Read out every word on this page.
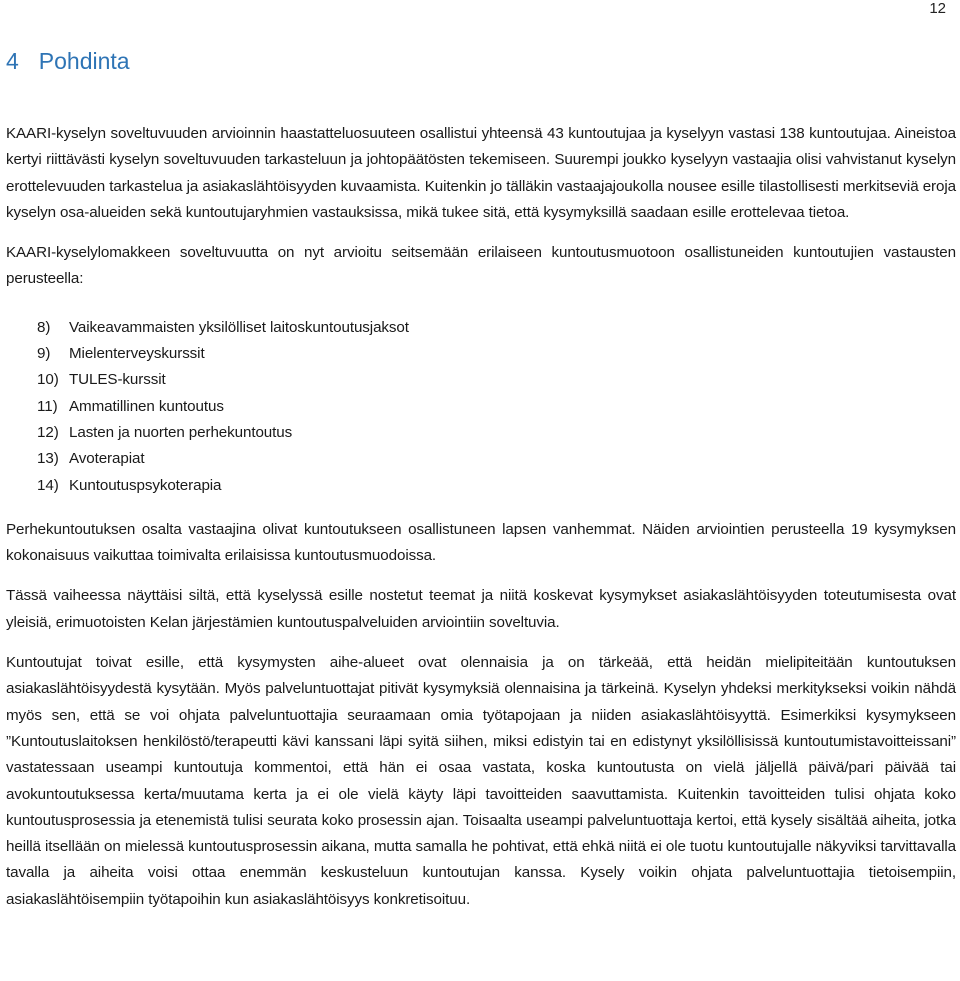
12
4 Pohdinta

KAARI-kyselyn soveltuvuuden arvioinnin haastatteluosuuteen osallistui yhteensä 43 kuntoutujaa ja kyselyyn vastasi 138 kuntoutujaa. Aineistoa kertyi riittävästi kyselyn soveltuvuuden tarkasteluun ja johtopäätösten tekemiseen. Suurempi joukko kyselyyn vastaajia olisi vahvistanut kyselyn erottelevuuden tarkastelua ja asiakaslähtöisyyden kuvaamista. Kuitenkin jo tälläkin vastaajajoukolla nousee esille tilastollisesti merkitseviä eroja kyselyn osa-alueiden sekä kuntoutujaryhmien vastauksissa, mikä tukee sitä, että kysymyksillä saadaan esille erottelevaa tietoa.

KAARI-kyselylomakkeen soveltuvuutta on nyt arvioitu seitsemään erilaiseen kuntoutusmuotoon osallistuneiden kuntoutujien vastausten perusteella:

8)	Vaikeavammaisten yksilölliset laitoskuntoutusjaksot
9)	Mielenterveyskurssit
10) TULES-kurssit
11) Ammatillinen kuntoutus
12) Lasten ja nuorten perhekuntoutus
13) Avoterapiat
14) Kuntoutuspsykoterapia

Perhekuntoutuksen osalta vastaajina olivat kuntoutukseen osallistuneen lapsen vanhemmat. Näiden arviointien perusteella 19 kysymyksen kokonaisuus vaikuttaa toimivalta erilaisissa kuntoutusmuodoissa.

Tässä vaiheessa näyttäisi siltä, että kyselyssä esille nostetut teemat ja niitä koskevat kysymykset asiakaslähtöisyyden toteutumisesta ovat yleisiä, erimuotoisten Kelan järjestämien kuntoutuspalveluiden arviointiin soveltuvia.

Kuntoutujat toivat esille, että kysymysten aihe-alueet ovat olennaisia ja on tärkeää, että heidän mielipiteitään kuntoutuksen asiakaslähtöisyydestä kysytään. Myös palveluntuottajat pitivät kysymyksiä olennaisina ja tärkeinä. Kyselyn yhdeksi merkitykseksi voikin nähdä myös sen, että se voi ohjata palveluntuottajia seuraamaan omia työtapojaan ja niiden asiakaslähtöisyyttä. Esimerkiksi kysymykseen ”Kuntoutuslaitoksen henkilöstö/terapeutti kävi kanssani läpi syitä siihen, miksi edistyin tai en edistynyt yksilöllisissä kuntoutumistavoitteissani” vastatessaan useampi kuntoutuja kommentoi, että hän ei osaa vastata, koska kuntoutusta on vielä jäljellä päivä/pari päivää tai avokuntoutuksessa kerta/muutama kerta ja ei ole vielä käyty läpi tavoitteiden saavuttamista. Kuitenkin tavoitteiden tulisi ohjata koko kuntoutusprosessia ja etenemistä tulisi seurata koko prosessin ajan. Toisaalta useampi palveluntuottaja kertoi, että kysely sisältää aiheita, jotka heillä itsellään on mielessä kuntoutusprosessin aikana, mutta samalla he pohtivat, että ehkä niitä ei ole tuotu kuntoutujalle näkyviksi tarvittavalla tavalla ja aiheita voisi ottaa enemmän keskusteluun kuntoutujan kanssa. Kysely voikin ohjata palveluntuottajia tietoisempiin, asiakaslähtöisempiin työtapoihin kun asiakaslähtöisyys konkretisoituu.
